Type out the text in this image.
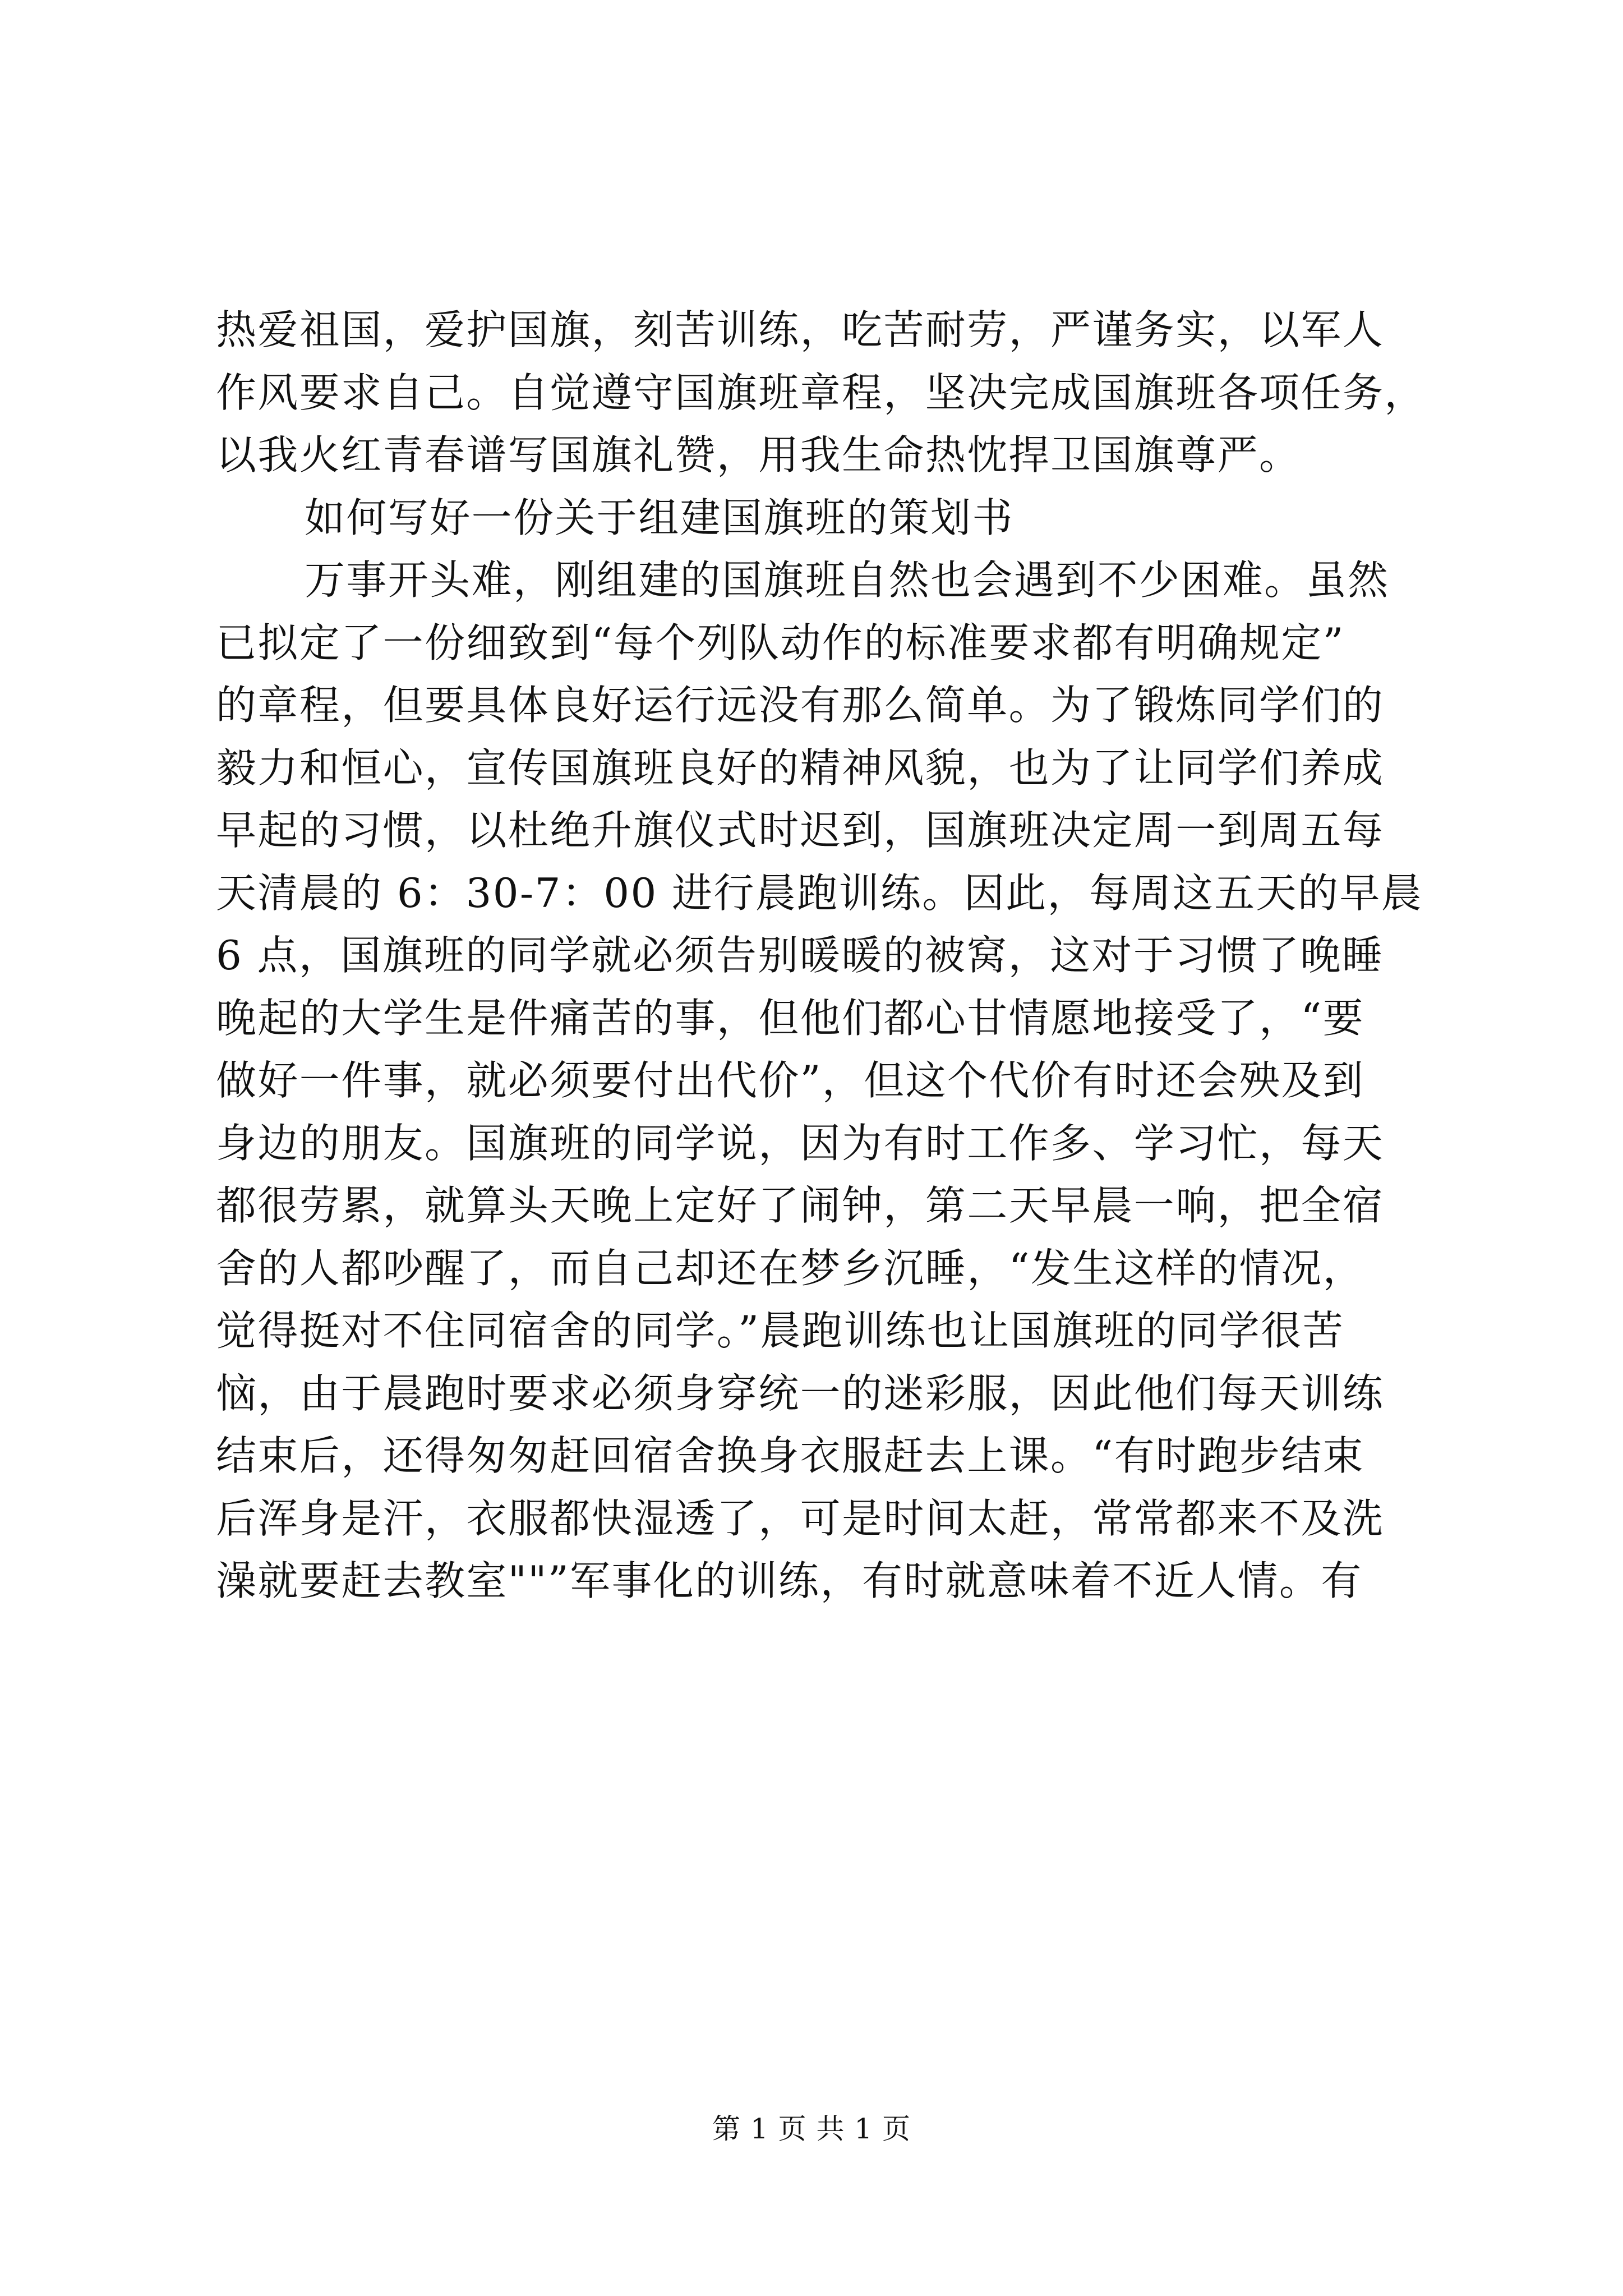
热爱祖国，爱护国旗，刻苦训练，吃苦耐劳，严谨务实，以军人
作风要求自己。自觉遵守国旗班章程，坚决完成国旗班各项任务，
以我火红青春谱写国旗礼赞，用我生命热忱捍卫国旗尊严。
如何写好一份关于组建国旗班的策划书
万事开头难，刚组建的国旗班自然也会遇到不少困难。虽然
已拟定了一份细致到“每个列队动作的标准要求都有明确规定”
的章程，但要具体良好运行远没有那么简单。为了锻炼同学们的
毅力和恒心，宣传国旗班良好的精神风貌，也为了让同学们养成
早起的习惯，以杜绝升旗仪式时迟到，国旗班决定周一到周五每
天清晨的 6：30-7：00 进行晨跑训练。因此，每周这五天的早晨
6 点，国旗班的同学就必须告别暖暖的被窝，这对于习惯了晚睡
晚起的大学生是件痛苦的事，但他们都心甘情愿地接受了，“要
做好一件事，就必须要付出代价”，但这个代价有时还会殃及到
身边的朋友。国旗班的同学说，因为有时工作多、学习忙，每天
都很劳累，就算头天晚上定好了闹钟，第二天早晨一响，把全宿
舍的人都吵醒了，而自己却还在梦乡沉睡，“发生这样的情况，
觉得挺对不住同宿舍的同学。”晨跑训练也让国旗班的同学很苦
恼，由于晨跑时要求必须身穿统一的迷彩服，因此他们每天训练
结束后，还得匆匆赶回宿舍换身衣服赶去上课。“有时跑步结束
后浑身是汗，衣服都快湿透了，可是时间太赶，常常都来不及洗
澡就要赶去教室""”军事化的训练，有时就意味着不近人情。有
第 1 页 共 1 页
